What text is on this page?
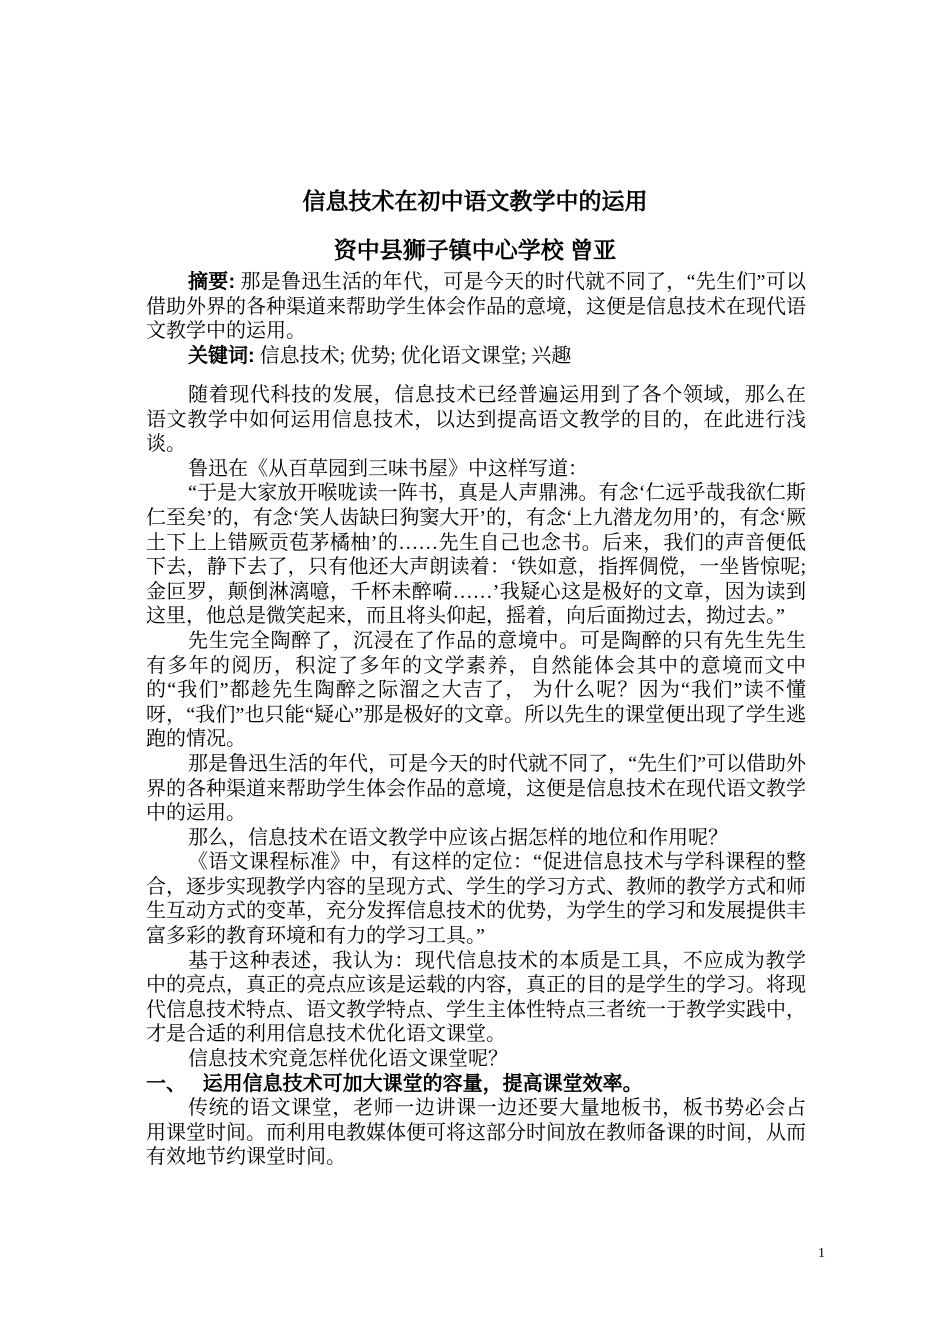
信息技术在初中语文教学中的运用
资中县狮子镇中心学校 曾亚

摘要: 那是鲁迅生活的年代，可是今天的时代就不同了，“先生们”可以借助外界的各种渠道来帮助学生体会作品的意境，这便是信息技术在现代语文教学中的运用。

关键词: 信息技术; 优势; 优化语文课堂; 兴趣

随着现代科技的发展，信息技术已经普遍运用到了各个领域，那么在语文教学中如何运用信息技术，以达到提高语文教学的目的，在此进行浅谈。

鲁迅在《从百草园到三味书屋》中这样写道：

“于是大家放开喉咙读一阵书，真是人声鼎沸。有念‘仁远乎哉我欲仁斯仁至矣’的，有念‘笑人齿缺曰狗窦大开’的，有念‘上九潜龙勿用’的，有念‘厥土下上上错厥贡苞茅橘柚’的……先生自己也念书。后来，我们的声音便低下去，静下去了，只有他还大声朗读着：‘铁如意，指挥倜傥，一坐皆惊呢;金叵罗，颠倒淋漓噫，千杯未醉嗬……’我疑心这是极好的文章，因为读到这里，他总是微笑起来，而且将头仰起，摇着，向后面拗过去，拗过去。”

先生完全陶醉了，沉浸在了作品的意境中。可是陶醉的只有先生先生有多年的阅历，积淀了多年的文学素养，自然能体会其中的意境而文中的“我们”都趁先生陶醉之际溜之大吉了， 为什么呢？因为“我们”读不懂呀，“我们”也只能“疑心”那是极好的文章。所以先生的课堂便出现了学生逃跑的情况。

那是鲁迅生活的年代，可是今天的时代就不同了，“先生们”可以借助外界的各种渠道来帮助学生体会作品的意境，这便是信息技术在现代语文教学中的运用。

那么，信息技术在语文教学中应该占据怎样的地位和作用呢？

《语文课程标准》中，有这样的定位：“促进信息技术与学科课程的整合，逐步实现教学内容的呈现方式、学生的学习方式、教师的教学方式和师生互动方式的变革，充分发挥信息技术的优势，为学生的学习和发展提供丰富多彩的教育环境和有力的学习工具。”

基于这种表述，我认为：现代信息技术的本质是工具，不应成为教学中的亮点，真正的亮点应该是运载的内容，真正的目的是学生的学习。将现代信息技术特点、语文教学特点、学生主体性特点三者统一于教学实践中，才是合适的利用信息技术优化语文课堂。

信息技术究竟怎样优化语文课堂呢？

一、 运用信息技术可加大课堂的容量，提高课堂效率。

传统的语文课堂，老师一边讲课一边还要大量地板书，板书势必会占用课堂时间。而利用电教媒体便可将这部分时间放在教师备课的时间，从而有效地节约课堂时间。

1
